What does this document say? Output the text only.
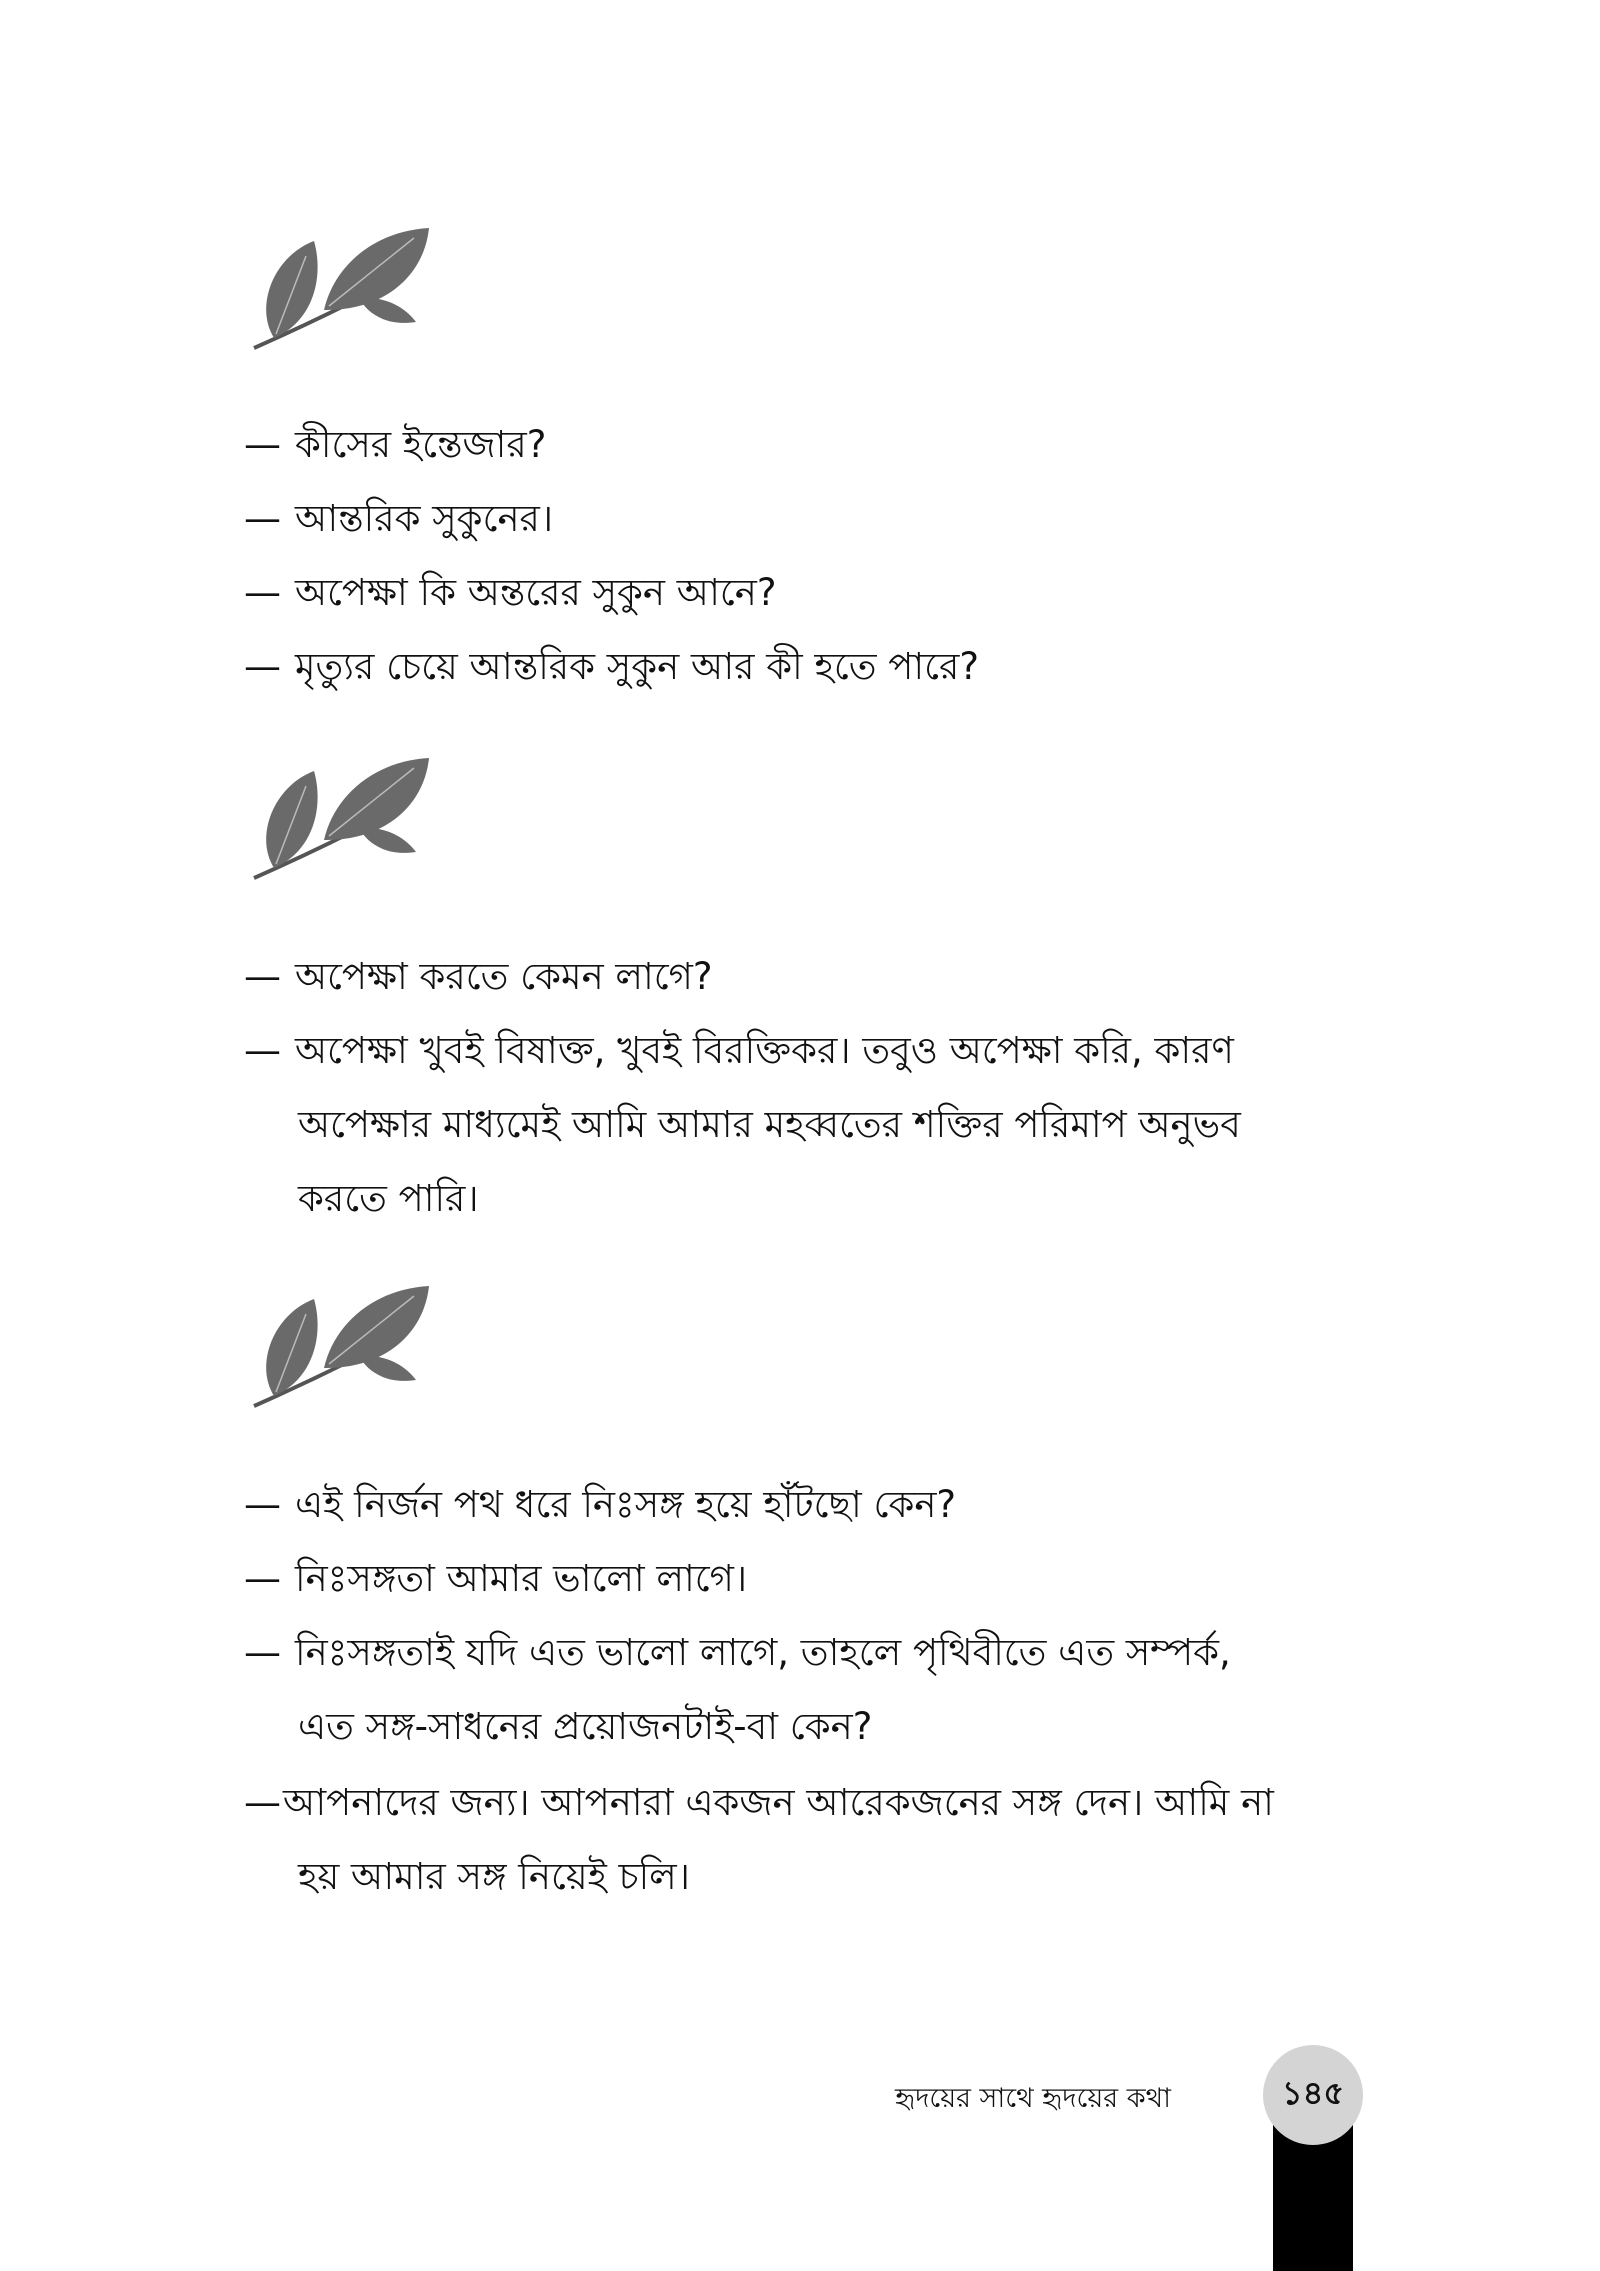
— কীসের ইন্তেজার?
— আন্তরিক সুকুনের।
— অপেক্ষা কি অন্তরের সুকুন আনে?
— মৃত্যুর চেয়ে আন্তরিক সুকুন আর কী হতে পারে?
— অপেক্ষা করতে কেমন লাগে?
— অপেক্ষা খুবই বিষাক্ত, খুবই বিরক্তিকর। তবুও অপেক্ষা করি, কারণ
অপেক্ষার মাধ্যমেই আমি আমার মহব্বতের শক্তির পরিমাপ অনুভব
করতে পারি।
— এই নির্জন পথ ধরে নিঃসঙ্গ হয়ে হাঁটছো কেন?
— নিঃসঙ্গতা আমার ভালো লাগে।
— নিঃসঙ্গতাই যদি এত ভালো লাগে, তাহলে পৃথিবীতে এত সম্পর্ক,
এত সঙ্গ-সাধনের প্রয়োজনটাই-বা কেন?
—আপনাদের জন্য। আপনারা একজন আরেকজনের সঙ্গ দেন। আমি না
হয় আমার সঙ্গ নিয়েই চলি।
হৃদয়ের সাথে হৃদয়ের কথা	১৪৫
